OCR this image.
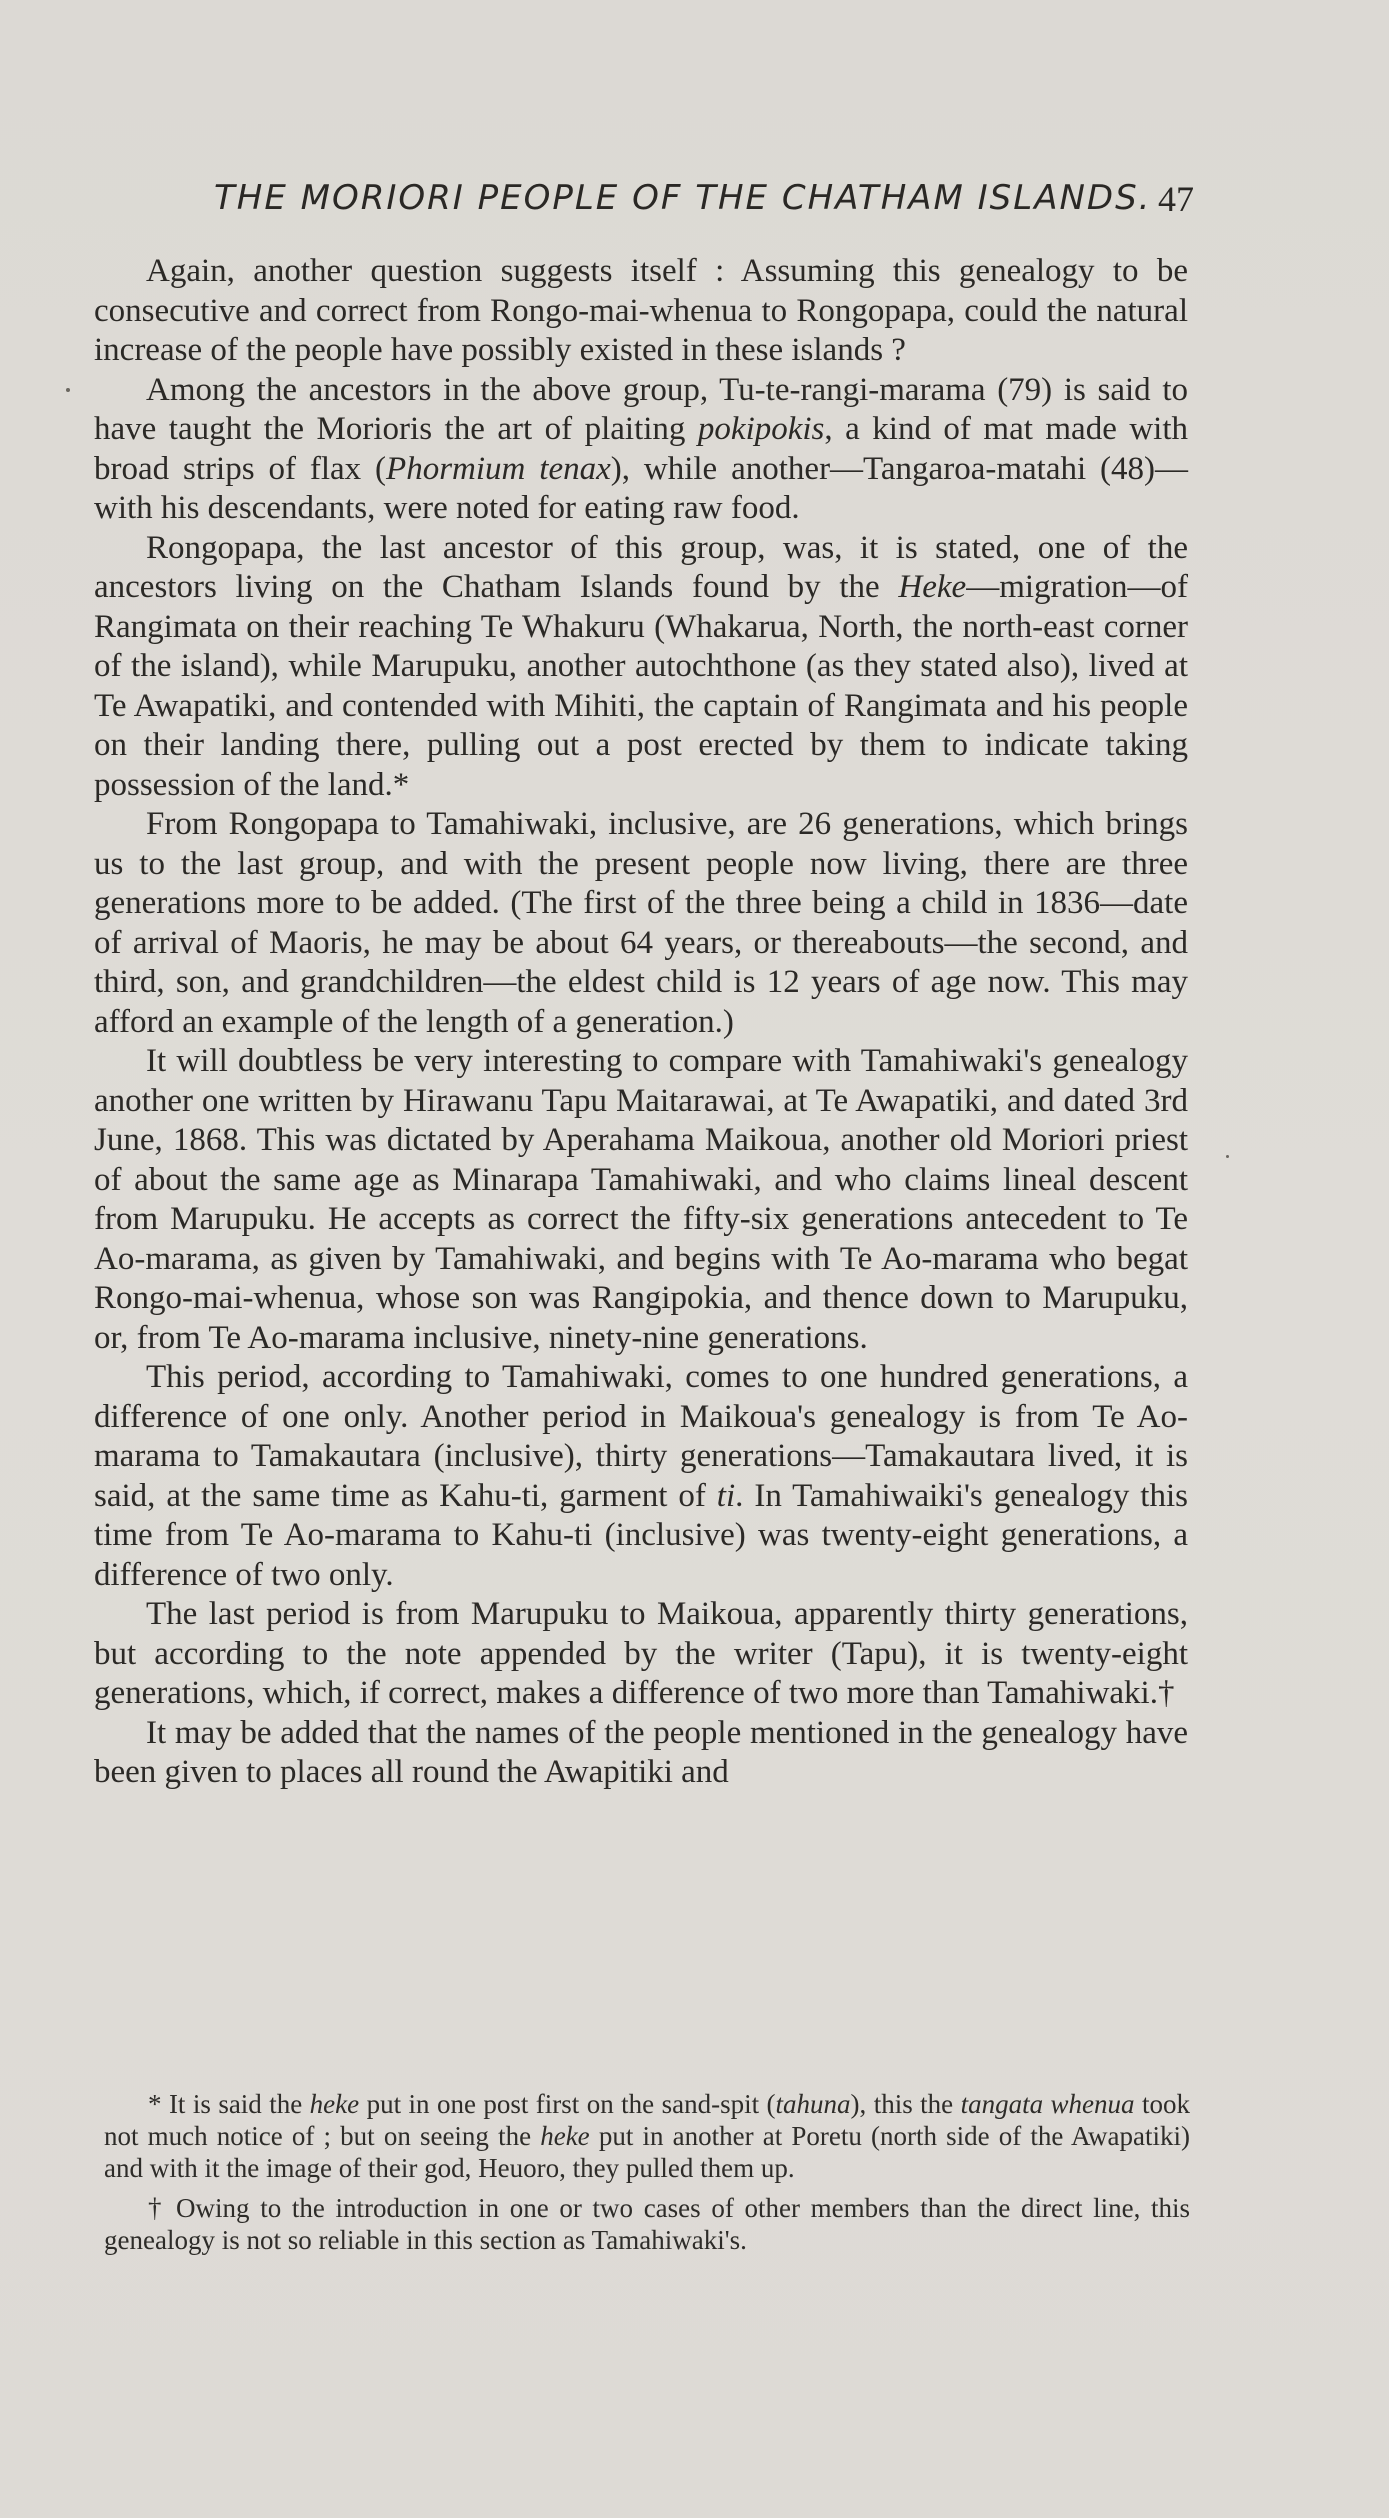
THE MORIORI PEOPLE OF THE CHATHAM ISLANDS. 47

Again, another question suggests itself : Assuming this genealogy to be consecutive and correct from Rongo-mai-whenua to Rongopapa, could the natural increase of the people have possibly existed in these islands ?

Among the ancestors in the above group, Tu-te-rangi-marama (79) is said to have taught the Morioris the art of plaiting pokipokis, a kind of mat made with broad strips of flax (Phormium tenax), while another—Tangaroa-matahi (48)—with his descendants, were noted for eating raw food.

Rongopapa, the last ancestor of this group, was, it is stated, one of the ancestors living on the Chatham Islands found by the Heke—migration—of Rangimata on their reaching Te Whakuru (Whakarua, North, the north-east corner of the island), while Marupuku, another autochthone (as they stated also), lived at Te Awapatiki, and contended with Mihiti, the captain of Rangimata and his people on their landing there, pulling out a post erected by them to indicate taking possession of the land.*

From Rongopapa to Tamahiwaki, inclusive, are 26 generations, which brings us to the last group, and with the present people now living, there are three generations more to be added. (The first of the three being a child in 1836—date of arrival of Maoris, he may be about 64 years, or thereabouts—the second, and third, son, and grandchildren—the eldest child is 12 years of age now. This may afford an example of the length of a generation.)

It will doubtless be very interesting to compare with Tamahiwaki's genealogy another one written by Hirawanu Tapu Maitarawai, at Te Awapatiki, and dated 3rd June, 1868. This was dictated by Aperahama Maikoua, another old Moriori priest of about the same age as Minarapa Tamahiwaki, and who claims lineal descent from Marupuku. He accepts as correct the fifty-six generations antecedent to Te Ao-marama, as given by Tamahiwaki, and begins with Te Ao-marama who begat Rongo-mai-whenua, whose son was Rangipokia, and thence down to Marupuku, or, from Te Ao-marama inclusive, ninety-nine generations.

This period, according to Tamahiwaki, comes to one hundred generations, a difference of one only. Another period in Maikoua's genealogy is from Te Ao-marama to Tamakautara (inclusive), thirty generations—Tamakautara lived, it is said, at the same time as Kahu-ti, garment of ti. In Tamahiwaiki's genealogy this time from Te Ao-marama to Kahu-ti (inclusive) was twenty-eight generations, a difference of two only.

The last period is from Marupuku to Maikoua, apparently thirty generations, but according to the note appended by the writer (Tapu), it is twenty-eight generations, which, if correct, makes a difference of two more than Tamahiwaki.†

It may be added that the names of the people mentioned in the genealogy have been given to places all round the Awapitiki and

* It is said the heke put in one post first on the sand-spit (tahuna), this the tangata whenua took not much notice of ; but on seeing the heke put in another at Poretu (north side of the Awapatiki) and with it the image of their god, Heuoro, they pulled them up.

† Owing to the introduction in one or two cases of other members than the direct line, this genealogy is not so reliable in this section as Tamahiwaki's.
